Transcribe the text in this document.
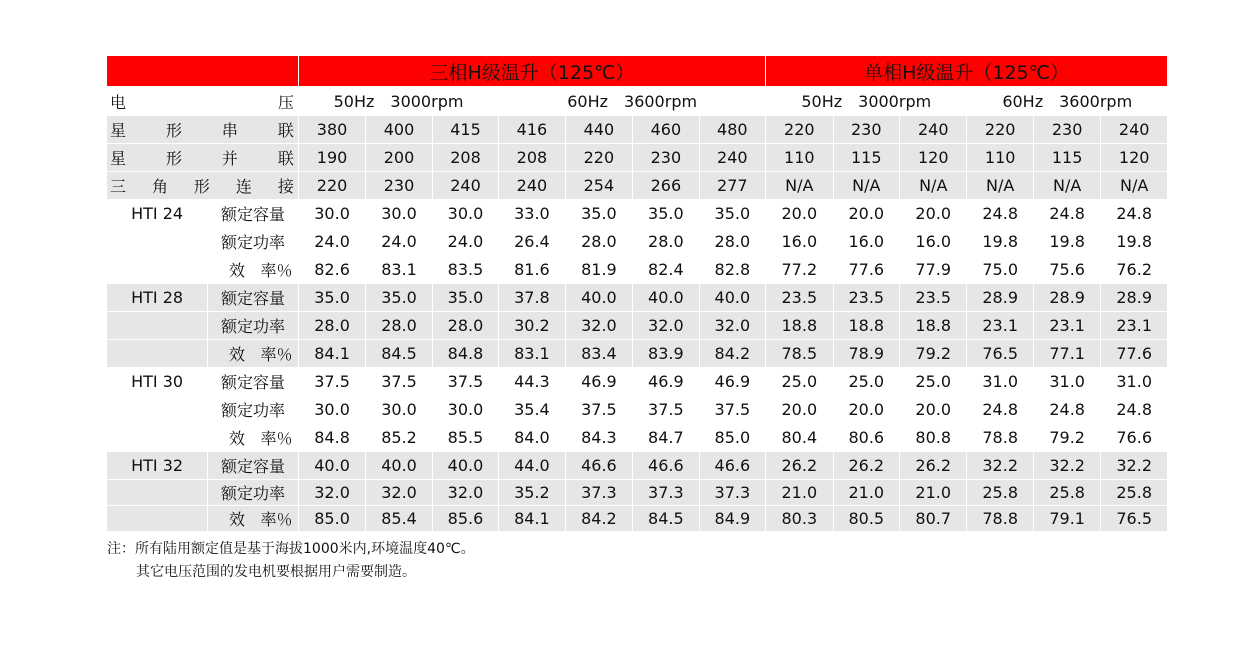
		三相H级温升（125℃）							单相H级温升（125℃）					

电 压		50Hz 3000rpm			60Hz 3600rpm				50Hz 3000rpm			60Hz 3600rpm		

星 形 串 联		380	400	415	416	440	460	480	220	230	240	220	230	240

星 形 并 联		190	200	208	208	220	230	240	110	115	120	110	115	120

三 角 形 连 接		220	230	240	240	254	266	277	N/A	N/A	N/A	N/A	N/A	N/A
HTI 24	额定容量	30.0	30.0	30.0	33.0	35.0	35.0	35.0	20.0	20.0	20.0	24.8	24.8	24.8
	额定功率	24.0	24.0	24.0	26.4	28.0	28.0	28.0	16.0	16.0	16.0	19.8	19.8	19.8
	效 率％	82.6	83.1	83.5	81.6	81.9	82.4	82.8	77.2	77.6	77.9	75.0	75.6	76.2
HTI 28	额定容量	35.0	35.0	35.0	37.8	40.0	40.0	40.0	23.5	23.5	23.5	28.9	28.9	28.9
	额定功率	28.0	28.0	28.0	30.2	32.0	32.0	32.0	18.8	18.8	18.8	23.1	23.1	23.1
	效 率％	84.1	84.5	84.8	83.1	83.4	83.9	84.2	78.5	78.9	79.2	76.5	77.1	77.6
HTI 30	额定容量	37.5	37.5	37.5	44.3	46.9	46.9	46.9	25.0	25.0	25.0	31.0	31.0	31.0
	额定功率	30.0	30.0	30.0	35.4	37.5	37.5	37.5	20.0	20.0	20.0	24.8	24.8	24.8
	效 率％	84.8	85.2	85.5	84.0	84.3	84.7	85.0	80.4	80.6	80.8	78.8	79.2	76.6
HTI 32	额定容量	40.0	40.0	40.0	44.0	46.6	46.6	46.6	26.2	26.2	26.2	32.2	32.2	32.2
	额定功率	32.0	32.0	32.0	35.2	37.3	37.3	37.3	21.0	21.0	21.0	25.8	25.8	25.8
	效 率％	85.0	85.4	85.6	84.1	84.2	84.5	84.9	80.3	80.5	80.7	78.8	79.1	76.5
注：所有陆用额定值是基于海拔1000米内,环境温度40℃。
其它电压范围的发电机要根据用户需要制造。
